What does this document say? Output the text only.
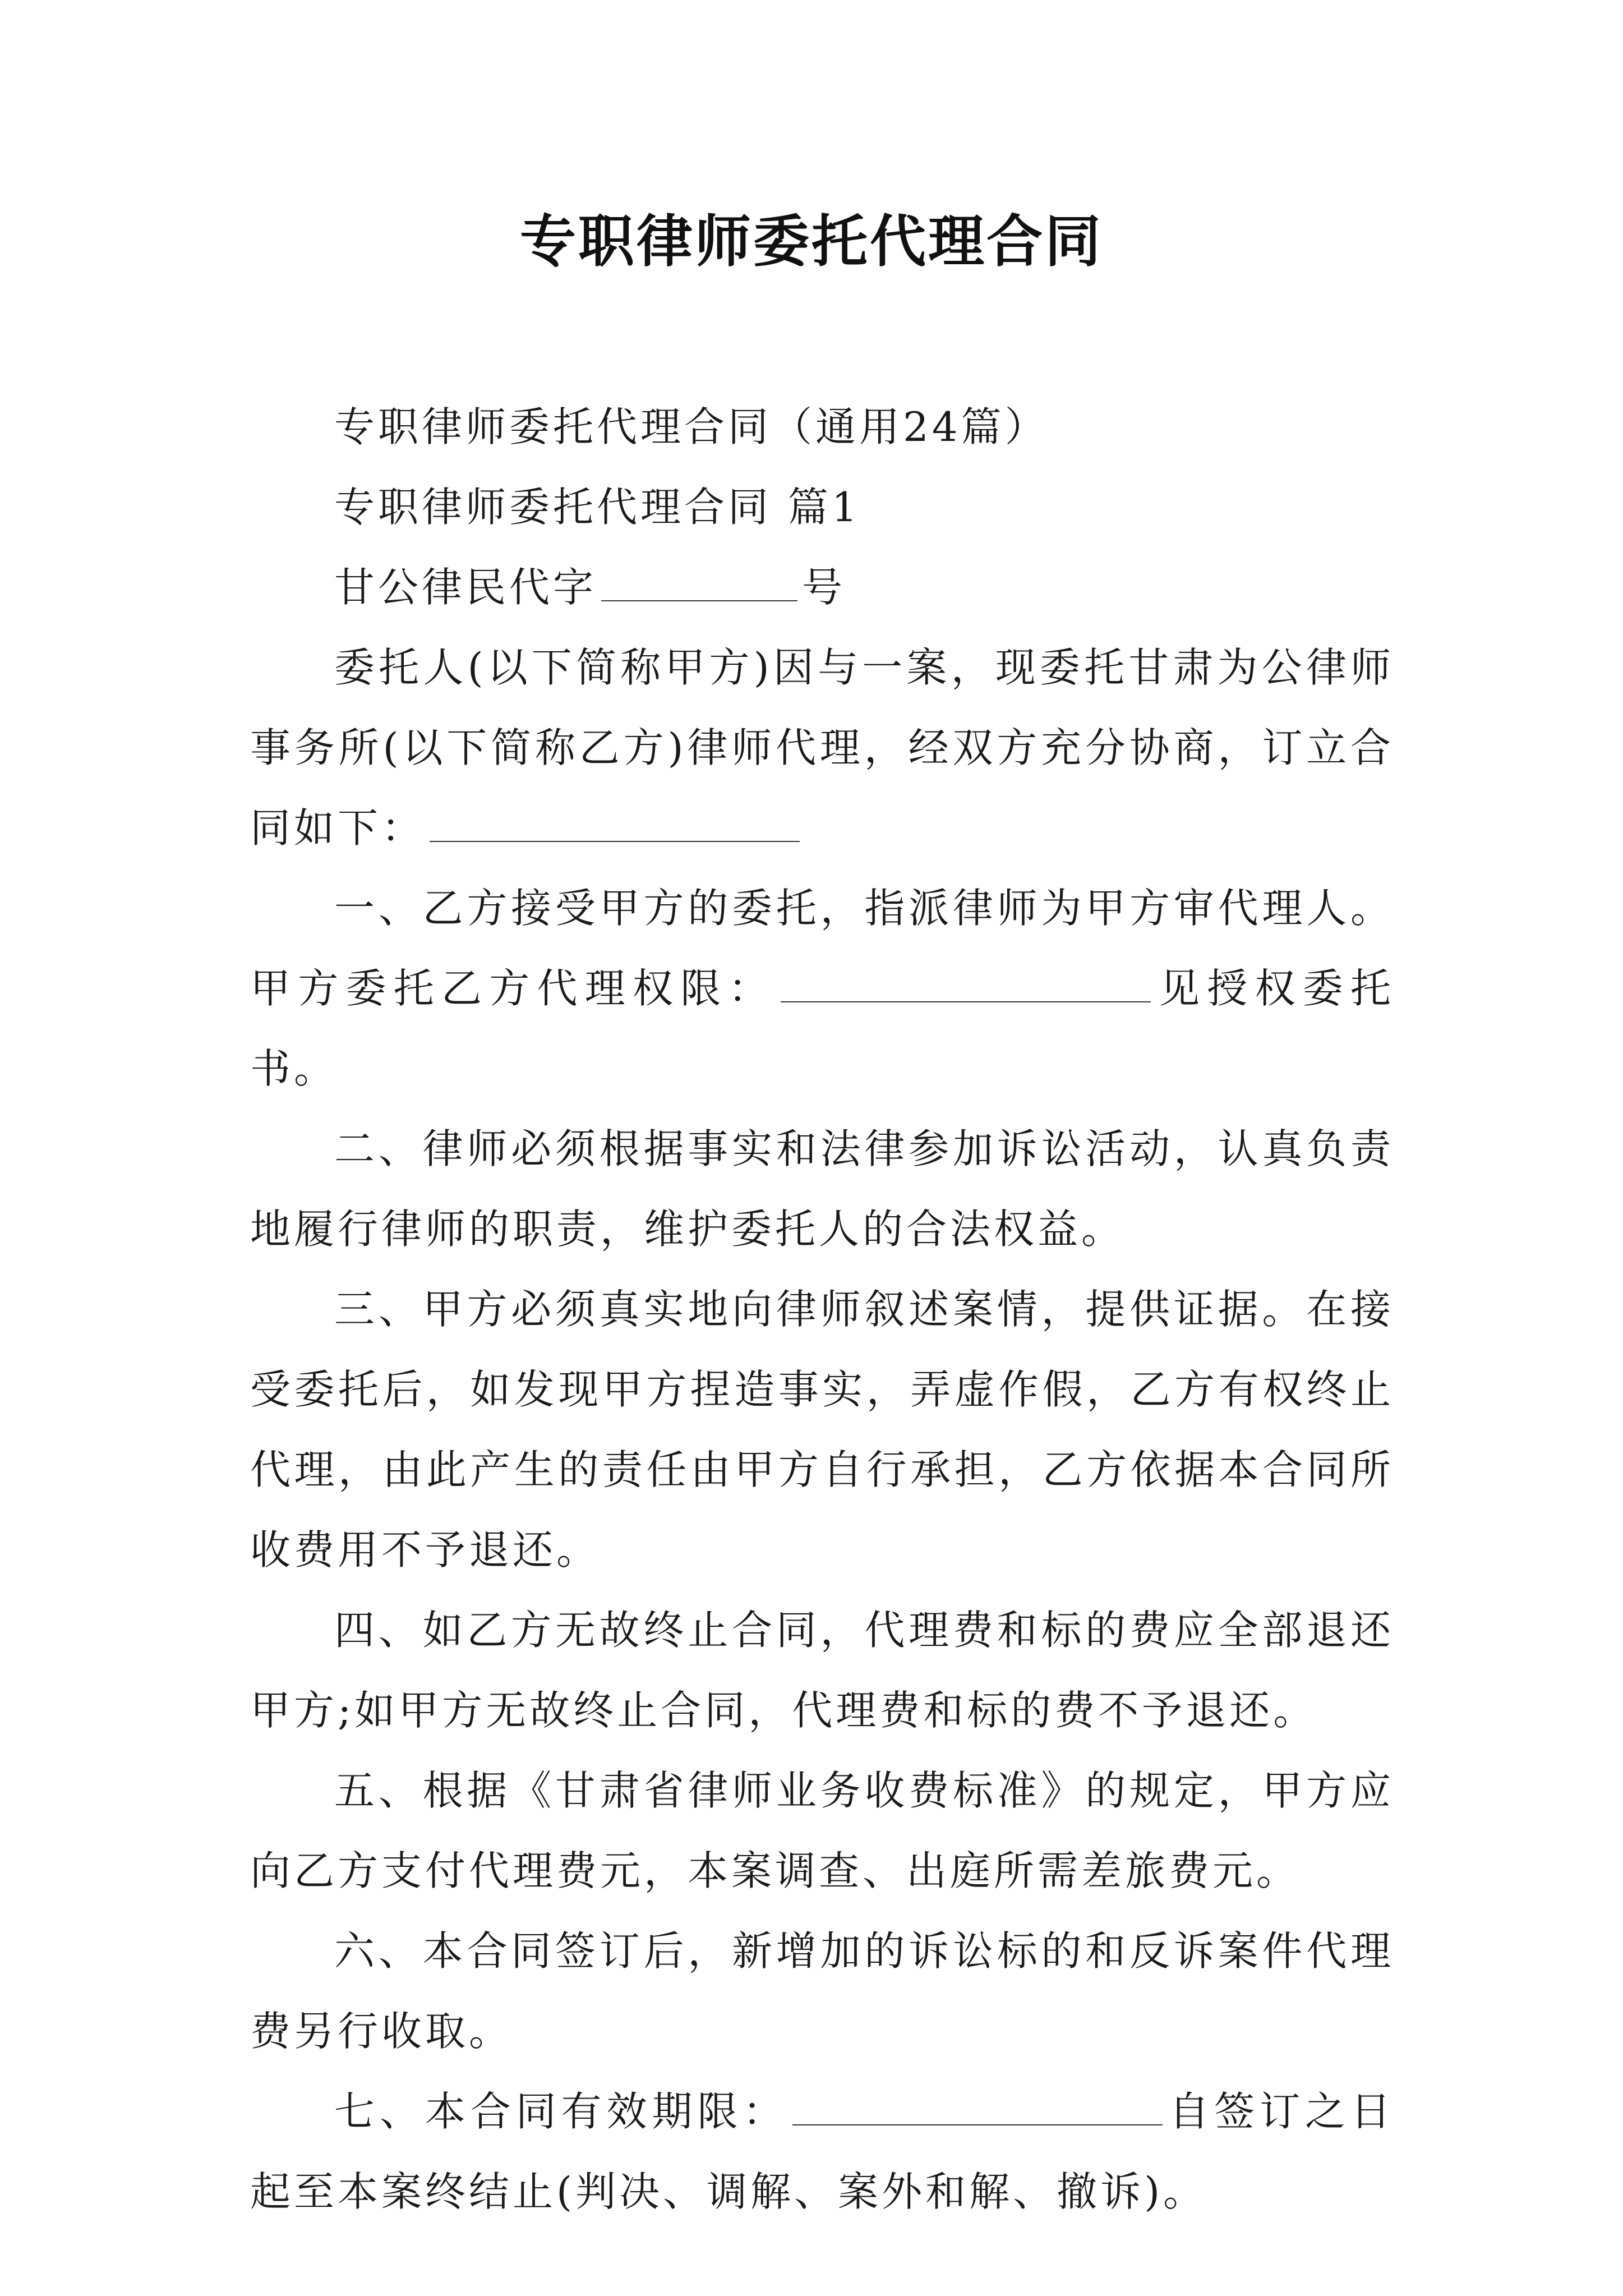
专职律师委托代理合同

专职律师委托代理合同（通用24篇）

专职律师委托代理合同 篇1

甘公律民代字	号

委托人(以下简称甲方)因与一案，现委托甘肃为公律师事务所(以下简称乙方)律师代理，经双方充分协商，订立合同如下：

一、乙方接受甲方的委托，指派律师为甲方审代理人。甲方委托乙方代理权限：	见授权委托书。

二、律师必须根据事实和法律参加诉讼活动，认真负责地履行律师的职责，维护委托人的合法权益。

三、甲方必须真实地向律师叙述案情，提供证据。在接受委托后，如发现甲方捏造事实，弄虚作假，乙方有权终止代理，由此产生的责任由甲方自行承担，乙方依据本合同所收费用不予退还。

四、如乙方无故终止合同，代理费和标的费应全部退还甲方;如甲方无故终止合同，代理费和标的费不予退还。

五、根据《甘肃省律师业务收费标准》的规定，甲方应向乙方支付代理费元，本案调查、出庭所需差旅费元。

六、本合同签订后，新增加的诉讼标的和反诉案件代理费另行收取。

七、本合同有效期限：	自签订之日起至本案终结止(判决、调解、案外和解、撤诉)。
